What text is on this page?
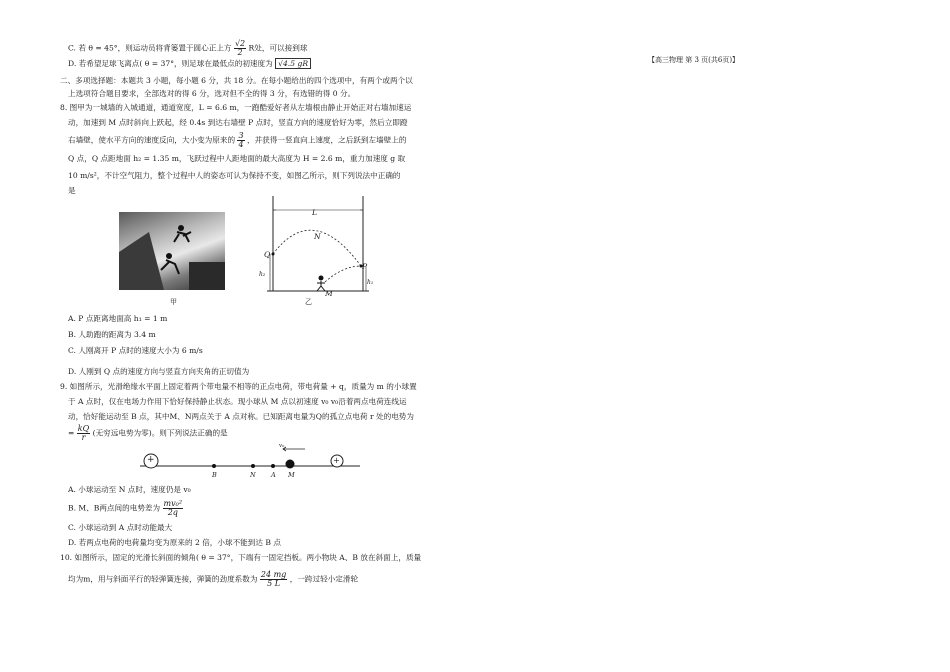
【高三物理 第 3 页(共6页)】
C. 若 θ = 45°，则运动员将背篓置于圆心正上方 $\frac{√2}{2}$ R处，可以接到球
D. 若希望足球飞离点( θ = 37°，则足球在最低点的初速度为 √4.5 gR
二、多项选择题：本题共 3 小题，每小题 6 分，共 18 分。在每小题给出的四个选项中，有两个或两个以
上选项符合题目要求，全部选对的得 6 分，选对但不全的得 3 分，有选错的得 0 分。
8. 图甲为一城墙的入城通道，通道宽度，L = 6.6 m，一跑酷爱好者从左墙根由静止开始正对右墙加速运
动，加速到 M 点时斜向上跃起，经 0.4s 到达右墙壁 P 点时，竖直方向的速度恰好为零，然后立即蹬
右墙壁，使水平方向的速度反向，大小变为原来的 $\frac{3}{4}$ ，并获得一竖直向上速度，之后跃到左墙壁上的
Q 点，Q 点距地面 h₂ = 1.35 m，飞跃过程中人距地面的最大高度为 H = 2.6 m，重力加速度 g 取
10 m/s²，不计空气阻力，整个过程中人的姿态可认为保持不变，如图乙所示，则下列说法中正确的
是
甲
L
N
Q
P
M
h₂
h₁
乙
A. P 点距离地面高 h₁ = 1 m
B. 人助跑的距离为 3.4 m
C. 人刚离开 P 点时的速度大小为 6 m/s
D. 人刚到 Q 点的速度方向与竖直方向夹角的正切值为
9. 如图所示，光滑绝缘水平面上固定着两个带电量不相等的正点电荷，带电荷量 + q，质量为 m 的小球置
于 A 点时，仅在电场力作用下恰好保持静止状态。现小球从 M 点以初速度 v₀ v₀沿着两点电荷连线运
动，恰好能运动至 B 点，其中M、N两点关于 A 点对称。已知距离电量为Q的孤立点电荷 r 处的电势为
= $\frac{kQ}{r}$ (无穷远电势为零)。则下列说法正确的是
+	+
v₀
B	N A M
A. 小球运动至 N 点时，速度仍是 v₀
B. M、B两点间的电势差为 $\frac{\text{mv₀²}}{2q}$
C. 小球运动到 A 点时动能最大
D. 若两点电荷的电荷量均变为原来的 2 倍，小球不能到达 B 点
10. 如图所示，固定的光滑长斜面的倾角( θ = 37°，下端有一固定挡板。两小物块 A、B 放在斜面上，质量
均为m，用与斜面平行的轻弹簧连接，弹簧的劲度系数为 $\frac{24 mg}{5 L}$ ，一跨过轻小定滑轮
